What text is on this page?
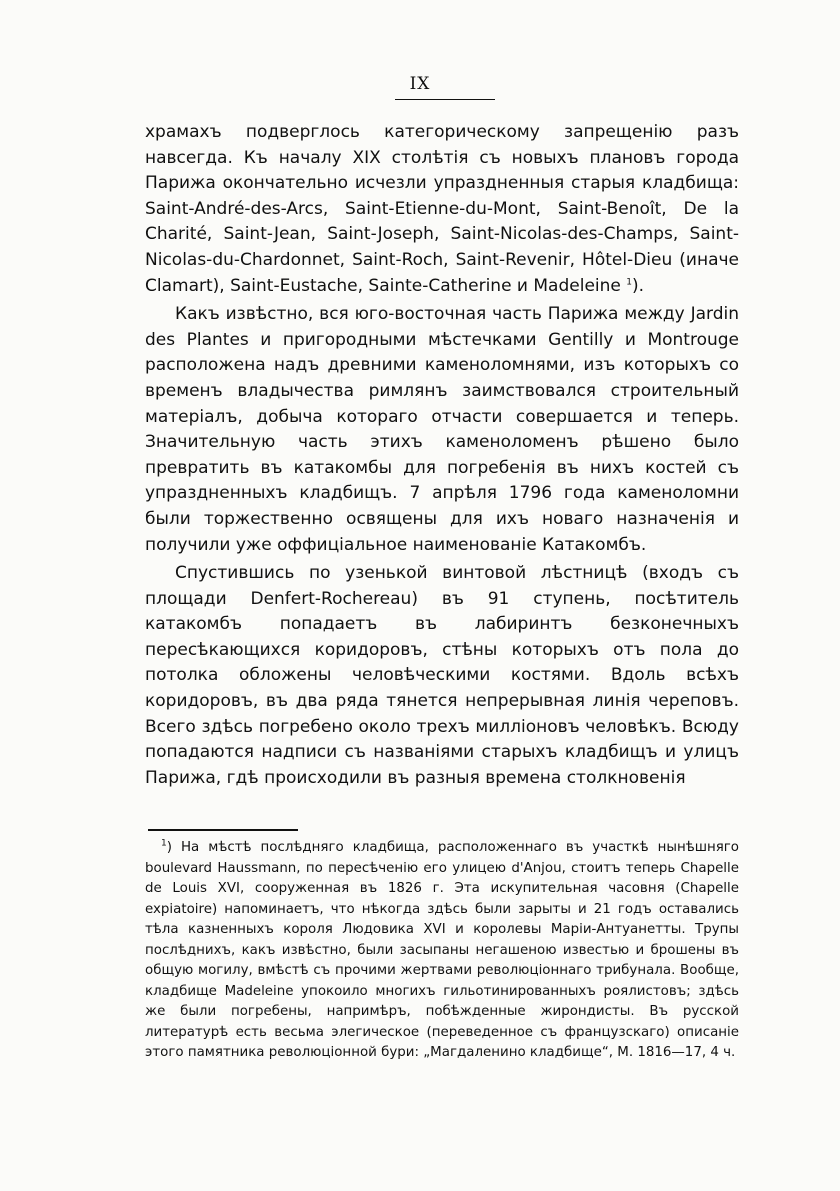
IX

храмахъ подверглось категорическому запрещенію разъ навсегда. Къ началу XIX столѣтія съ новыхъ плановъ города Парижа окончательно исчезли упраздненныя старыя кладбища: Saint-André-des-Arcs, Saint-Etienne-du-Mont, Saint-Benoît, De la Charité, Saint-Jean, Saint-Joseph, Saint-Nicolas-des-Champs, Saint-Nicolas-du-Chardonnet, Saint-Roch, Saint-Revenir, Hôtel-Dieu (иначе Clamart), Saint-Eustache, Sainte-Catherine и Madeleine $^1$).

Какъ извѣстно, вся юго-восточная часть Парижа между Jardin des Plantes и пригородными мѣстечками Gentilly и Montrouge расположена надъ древними каменоломнями, изъ которыхъ со временъ владычества римлянъ заимствовался строительный матеріалъ, добыча котораго отчасти совершается и теперь. Значительную часть этихъ каменоломенъ рѣшено было превратить въ катакомбы для погребенія въ нихъ костей съ упраздненныхъ кладбищъ. 7 апрѣля 1796 года каменоломни были торжественно освящены для ихъ новаго назначенія и получили уже оффиціальное наименованіе Катакомбъ.

Спустившись по узенькой винтовой лѣстницѣ (входъ съ площади Denfert-Rochereau) въ 91 ступень, посѣтитель катакомбъ попадаетъ въ лабиринтъ безконечныхъ пересѣкающихся коридоровъ, стѣны которыхъ отъ пола до потолка обложены человѣческими костями. Вдоль всѣхъ коридоровъ, въ два ряда тянется непрерывная линія череповъ. Всего здѣсь погребено около трехъ милліоновъ человѣкъ. Всюду попадаются надписи съ названіями старыхъ кладбищъ и улицъ Парижа, гдѣ происходили въ разныя времена столкновенія

$^1$) На мѣстѣ послѣдняго кладбища, расположеннаго въ участкѣ нынѣшняго boulevard Haussmann, по пересѣченію его улицею d'Anjou, стоитъ теперь Chapelle de Louis XVI, сооруженная въ 1826 г. Эта искупительная часовня (Chapelle expiatoire) напоминаетъ, что нѣкогда здѣсь были зарыты и 21 годъ оставались тѣла казненныхъ короля Людовика XVI и королевы Маріи-Антуанетты. Трупы послѣднихъ, какъ извѣстно, были засыпаны негашеною известью и брошены въ общую могилу, вмѣстѣ съ прочими жертвами революціоннаго трибунала. Вообще, кладбище Madeleine упокоило многихъ гильотинированныхъ роялистовъ; здѣсь же были погребены, напримѣръ, побѣжденные жирондисты. Въ русской литературѣ есть весьма элегическое (переведенное съ французскаго) описаніе этого памятника революціонной бури: „Магдаленино кладбище“, М. 1816—17, 4 ч.
